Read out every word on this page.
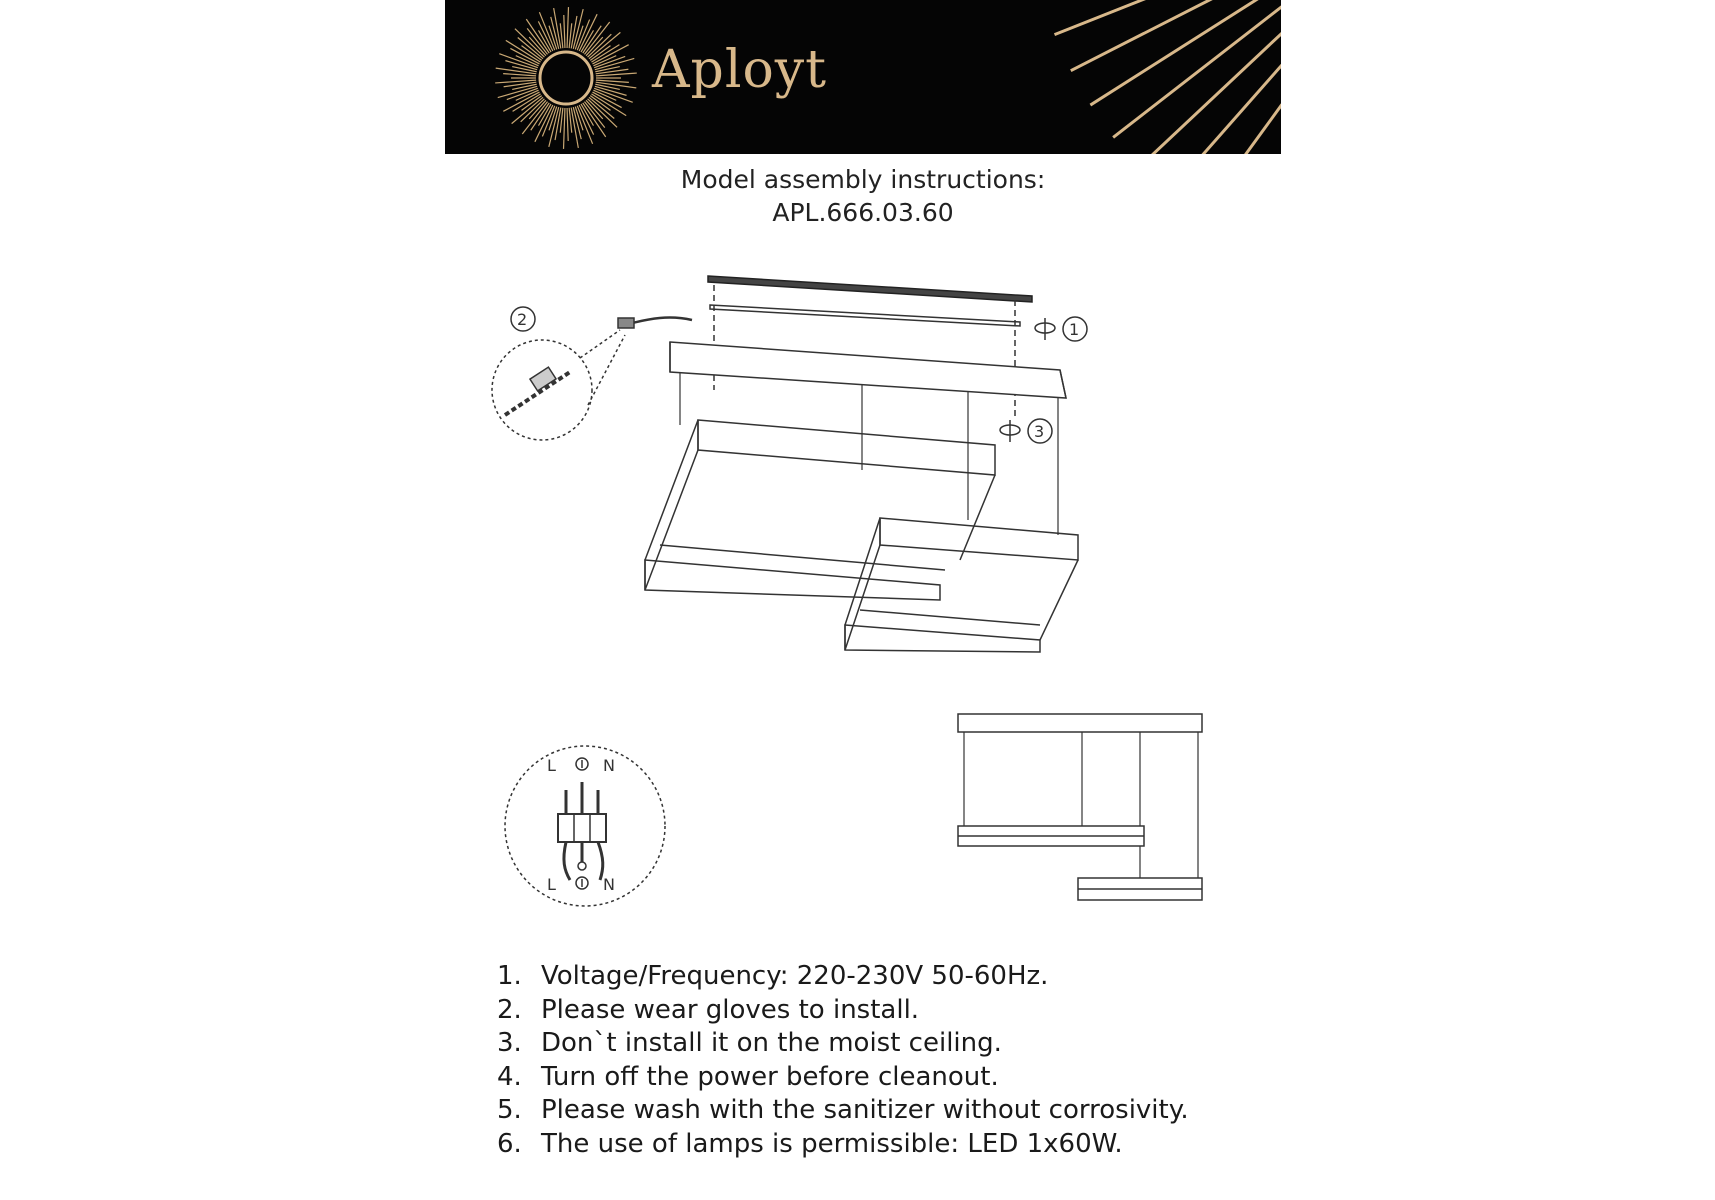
Aployt
Model assembly instructions:
APL.666.03.60
1
2
3
L	N
L	N
1. Voltage/Frequency: 220-230V 50-60Hz.
2. Please wear gloves to install.
3. Don`t install it on the moist ceiling.
4. Turn off the power before cleanout.
5. Please wash with the sanitizer without corrosivity.
6. The use of lamps is permissible: LED 1x60W.
